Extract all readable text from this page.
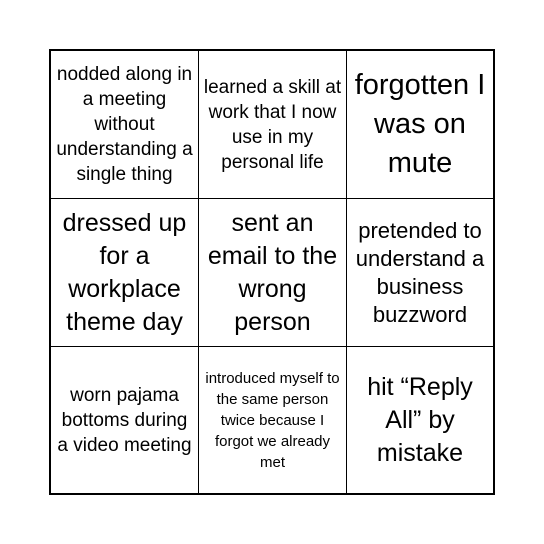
nodded along in a meeting without understanding a single thing
learned a skill at work that I now use in my personal life
forgotten I was on mute
dressed up for a workplace theme day
sent an email to the wrong person
pretended to understand a business buzzword
worn pajama bottoms during a video meeting
introduced myself to the same person twice because I forgot we already met
hit “Reply All” by mistake
